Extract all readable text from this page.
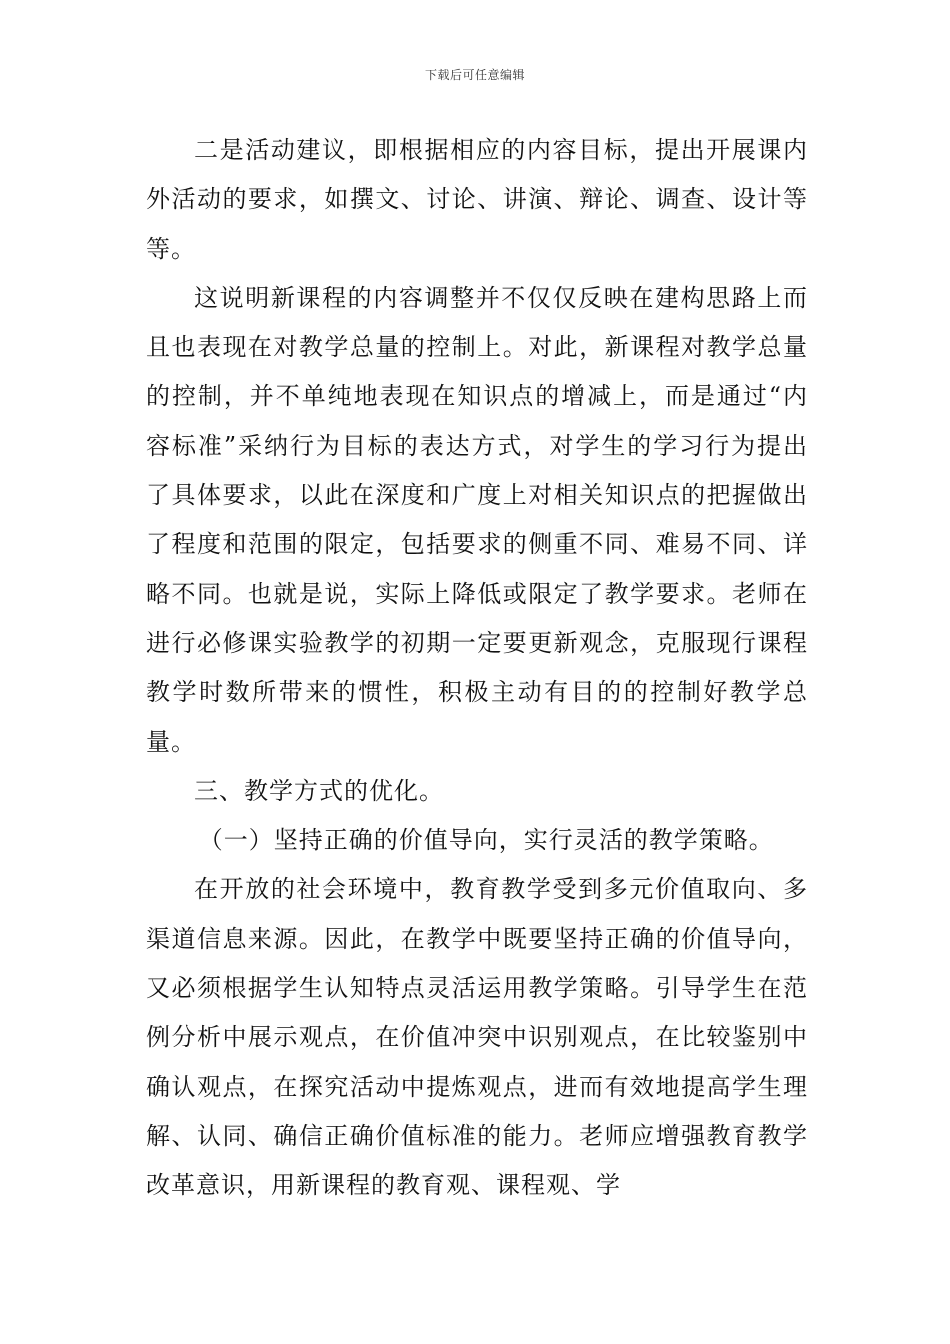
下载后可任意编辑

二是活动建议，即根据相应的内容目标，提出开展课内外活动的要求，如撰文、讨论、讲演、辩论、调查、设计等等。

这说明新课程的内容调整并不仅仅反映在建构思路上而且也表现在对教学总量的控制上。对此，新课程对教学总量的控制，并不单纯地表现在知识点的增减上，而是通过“内容标准”采纳行为目标的表达方式，对学生的学习行为提出了具体要求，以此在深度和广度上对相关知识点的把握做出了程度和范围的限定，包括要求的侧重不同、难易不同、详略不同。也就是说，实际上降低或限定了教学要求。老师在进行必修课实验教学的初期一定要更新观念，克服现行课程教学时数所带来的惯性，积极主动有目的的控制好教学总量。

三、教学方式的优化。

（一）坚持正确的价值导向，实行灵活的教学策略。

在开放的社会环境中，教育教学受到多元价值取向、多渠道信息来源。因此，在教学中既要坚持正确的价值导向，又必须根据学生认知特点灵活运用教学策略。引导学生在范例分析中展示观点，在价值冲突中识别观点，在比较鉴别中确认观点，在探究活动中提炼观点，进而有效地提高学生理解、认同、确信正确价值标准的能力。老师应增强教育教学改革意识，用新课程的教育观、课程观、学
